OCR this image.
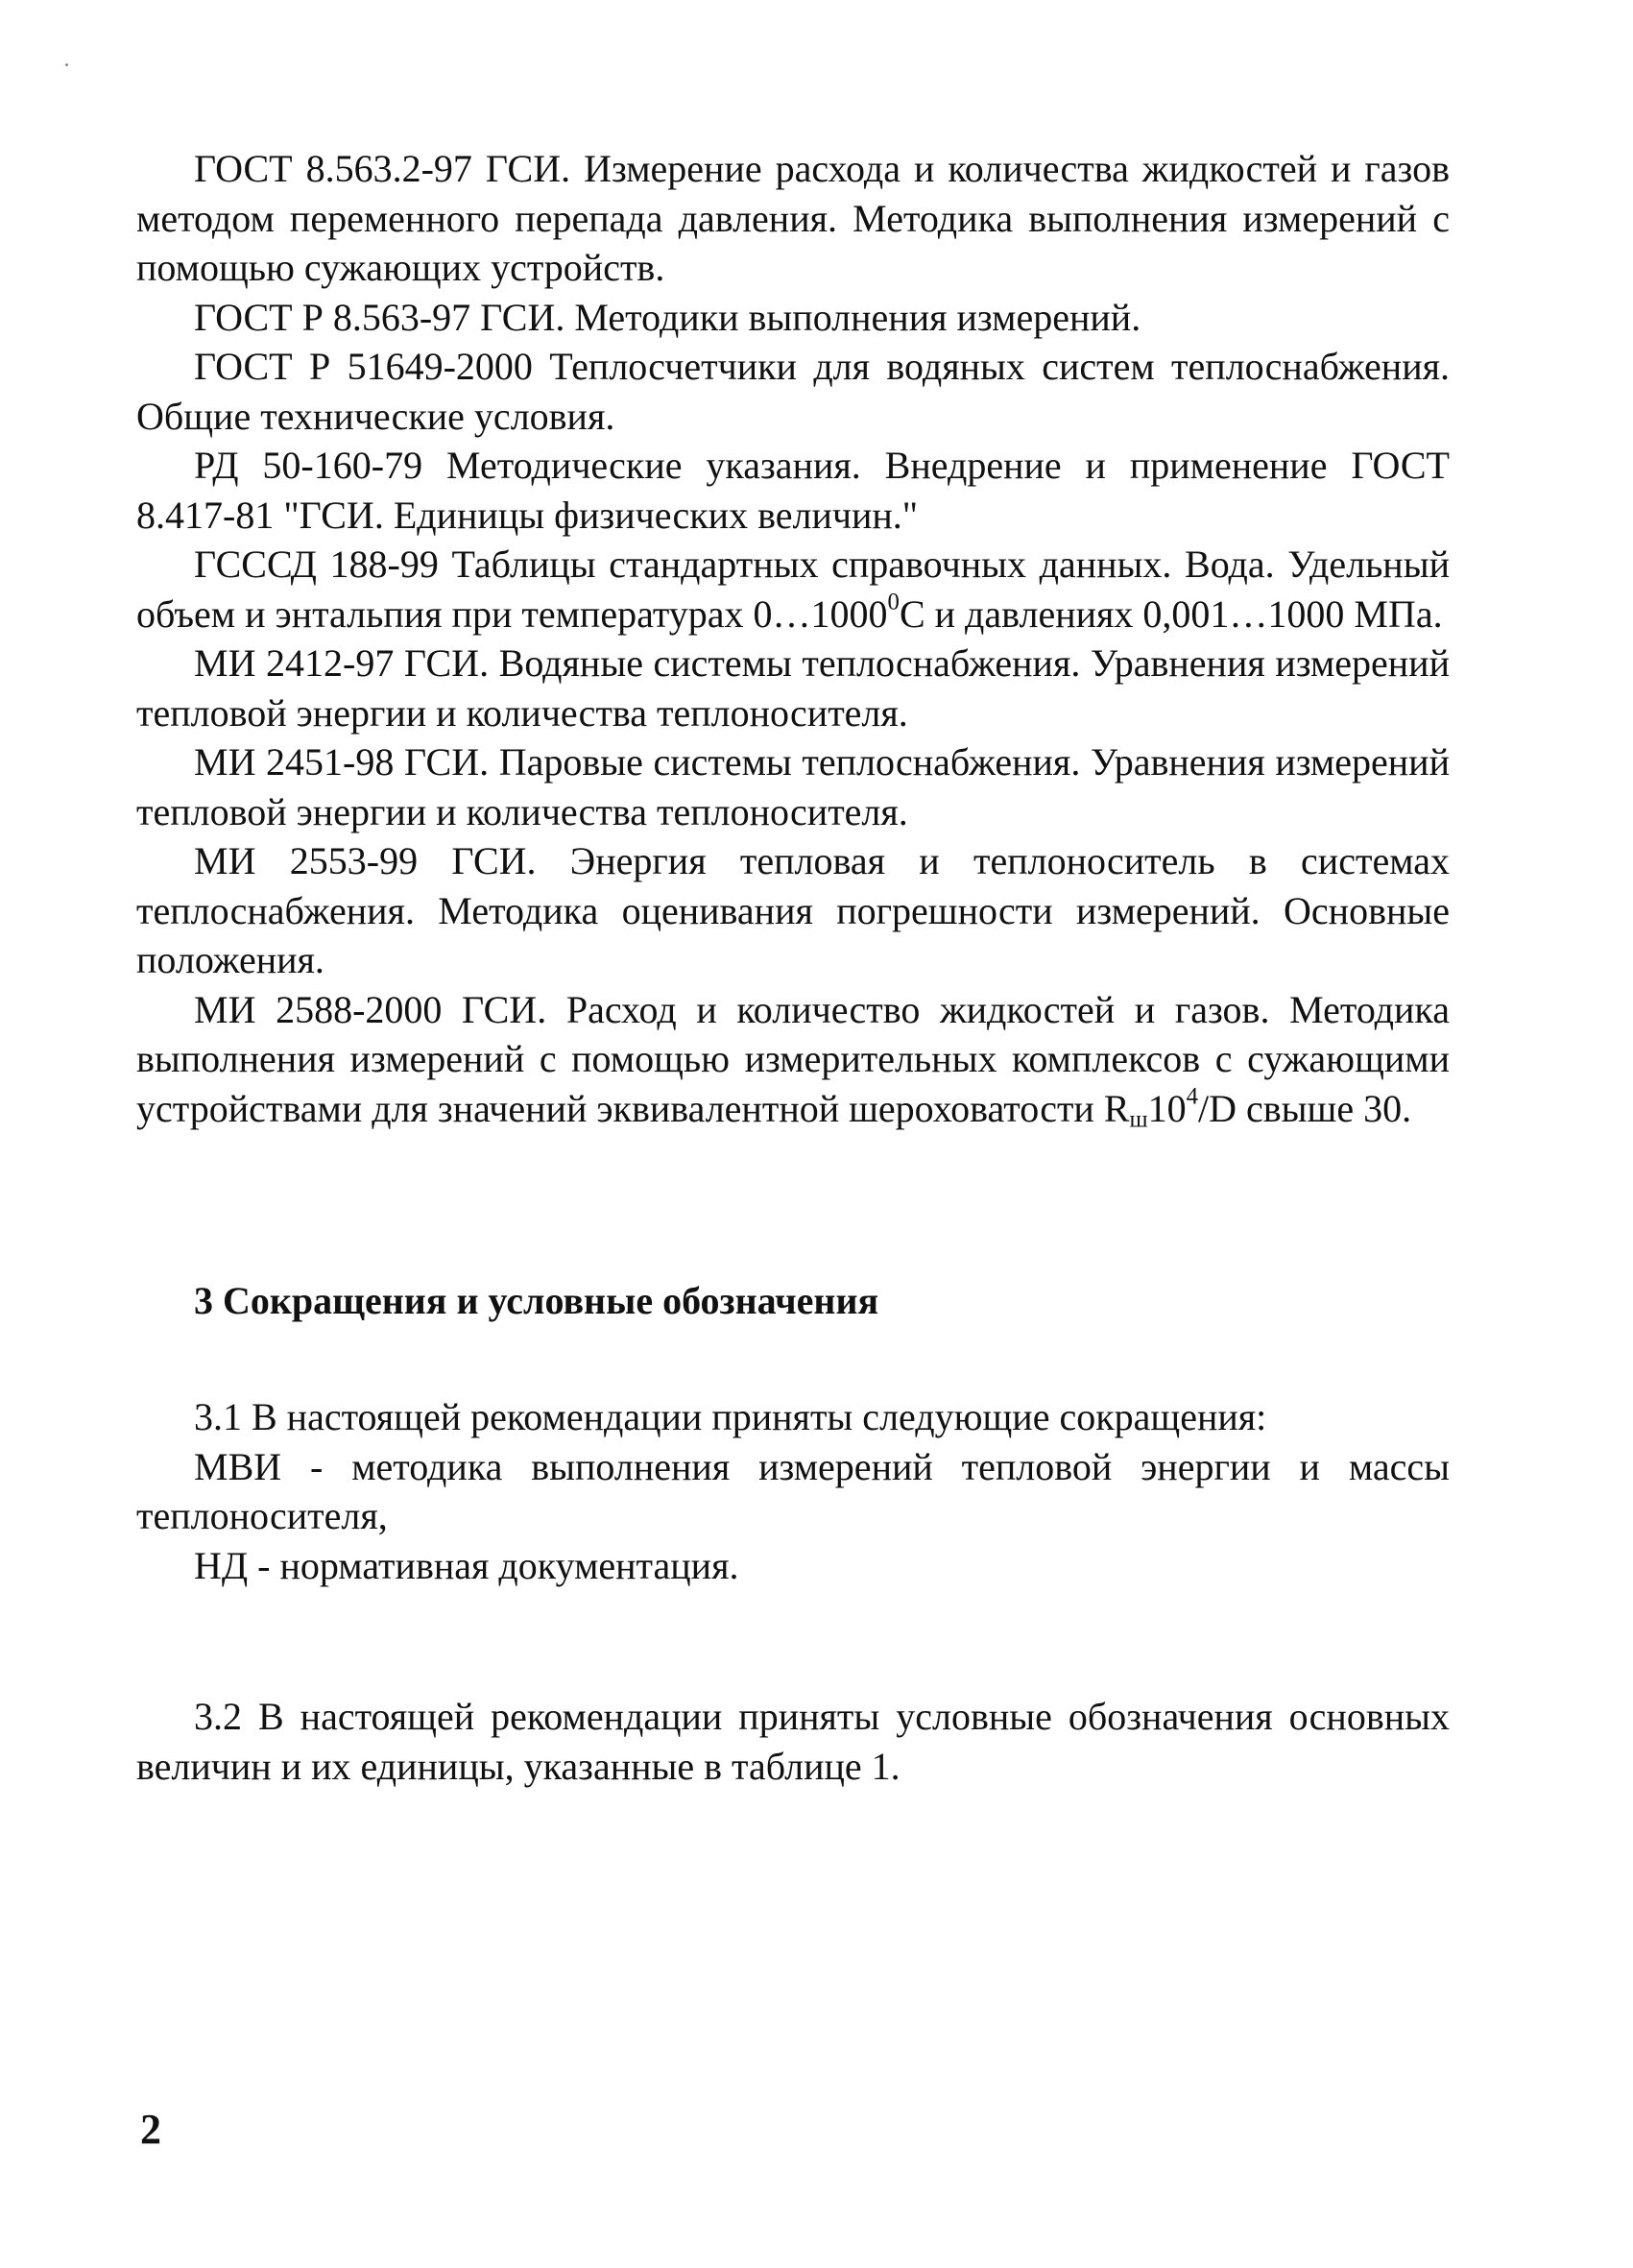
ГОСТ 8.563.2-97 ГСИ. Измерение расхода и количества жидкостей и газов методом переменного перепада давления. Методика выполнения измерений с помощью сужающих устройств.

ГОСТ Р 8.563-97 ГСИ. Методики выполнения измерений.

ГОСТ Р 51649-2000 Теплосчетчики для водяных систем теплоснабжения. Общие технические условия.

РД 50-160-79 Методические указания. Внедрение и применение ГОСТ 8.417-81 "ГСИ. Единицы физических величин."

ГСССД 188-99 Таблицы стандартных справочных данных. Вода. Удельный объем и энтальпия при температурах 0…1000$^0$С и давлениях 0,001…1000 МПа.

МИ 2412-97 ГСИ. Водяные системы теплоснабжения. Уравнения измерений тепловой энергии и количества теплоносителя.

МИ 2451-98 ГСИ. Паровые системы теплоснабжения. Уравнения измерений тепловой энергии и количества теплоносителя.

МИ 2553-99 ГСИ. Энергия тепловая и теплоноситель в системах теплоснабжения. Методика оценивания погрешности измерений. Основные положения.

МИ 2588-2000 ГСИ. Расход и количество жидкостей и газов. Методика выполнения измерений с помощью измерительных комплексов с сужающими устройствами для значений эквивалентной шероховатости $R_ш10^4/D$ свыше 30.

3 Сокращения и условные обозначения

3.1 В настоящей рекомендации приняты следующие сокращения:

МВИ - методика выполнения измерений тепловой энергии и массы теплоносителя,

НД - нормативная документация.

3.2 В настоящей рекомендации приняты условные обозначения основных величин и их единицы, указанные в таблице 1.

2
